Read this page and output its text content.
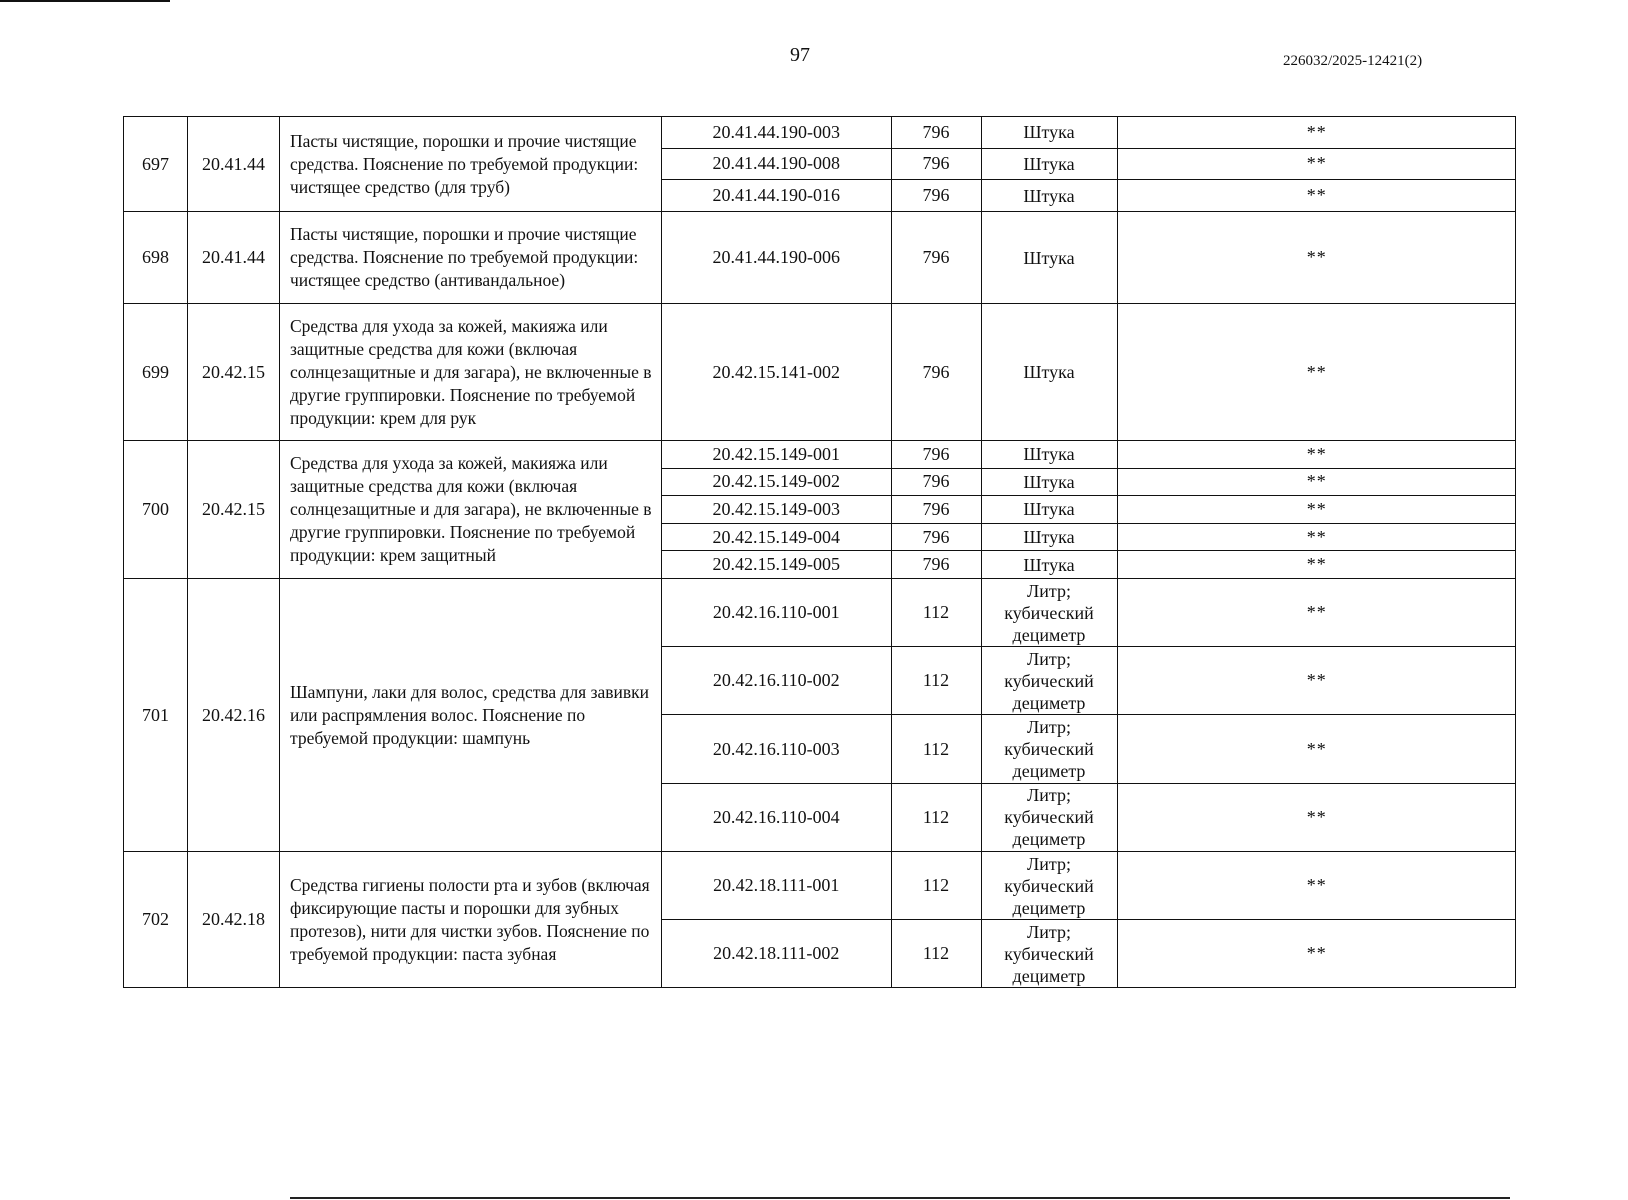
97	226032/2025-12421(2)
697	20.41.44	Пасты чистящие, порошки и прочие чистящие средства. Пояснение по требуемой продукции: чистящее средство (для труб)	
20.41.44.190-003	796	Штука	**
20.41.44.190-008	796	Штука	**
20.41.44.190-016	796	Штука	**

698	20.41.44	Пасты чистящие, порошки и прочие чистящие средства. Пояснение по требуемой продукции: чистящее средство (антивандальное)	
20.41.44.190-006	796	Штука	**

699	20.42.15	Средства для ухода за кожей, макияжа или защитные средства для кожи (включая солнцезащитные и для загара), не включенные в другие группировки. Пояснение по требуемой продукции: крем для рук	
20.42.15.141-002	796	Штука	**

700	20.42.15	Средства для ухода за кожей, макияжа или защитные средства для кожи (включая солнцезащитные и для загара), не включенные в другие группировки. Пояснение по требуемой продукции: крем защитный	
20.42.15.149-001	796	Штука	**
20.42.15.149-002	796	Штука	**
20.42.15.149-003	796	Штука	**
20.42.15.149-004	796	Штука	**
20.42.15.149-005	796	Штука	**

701	20.42.16	Шампуни, лаки для волос, средства для завивки или распрямления волос. Пояснение по требуемой продукции: шампунь	
20.42.16.110-001	112	Литр; кубический дециметр	**
20.42.16.110-002	112	Литр; кубический дециметр	**
20.42.16.110-003	112	Литр; кубический дециметр	**
20.42.16.110-004	112	Литр; кубический дециметр	**

702	20.42.18	Средства гигиены полости рта и зубов (включая фиксирующие пасты и порошки для зубных протезов), нити для чистки зубов. Пояснение по требуемой продукции: паста зубная	
20.42.18.111-001	112	Литр; кубический дециметр	**
20.42.18.111-002	112	Литр; кубический дециметр	**
